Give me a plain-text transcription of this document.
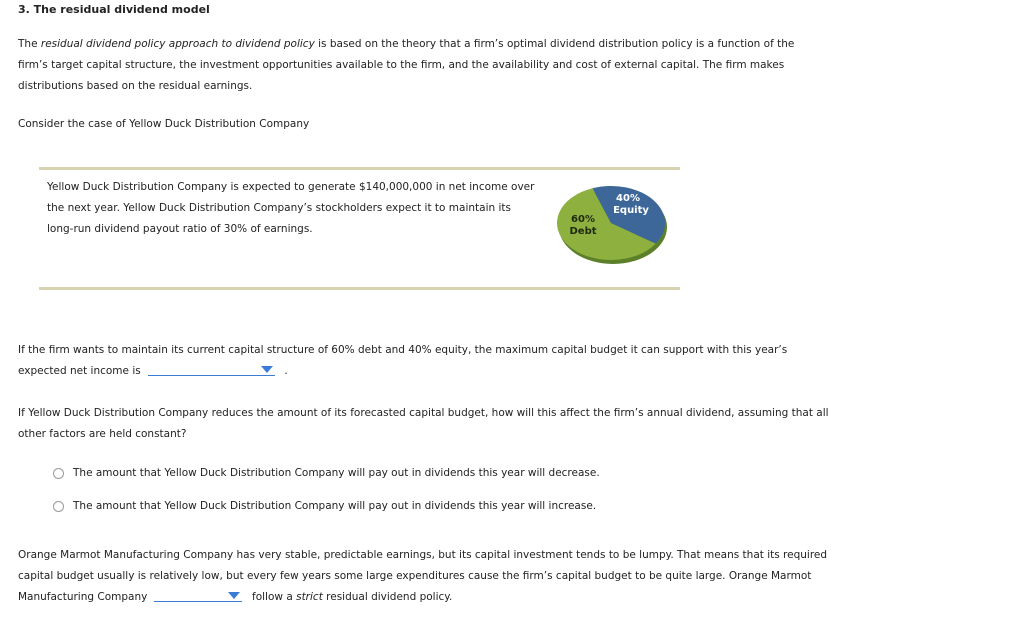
3. The residual dividend model
The residual dividend policy approach to dividend policy is based on the theory that a firm’s optimal dividend distribution policy is a function of the firm’s target capital structure, the investment opportunities available to the firm, and the availability and cost of external capital. The firm makes distributions based on the residual earnings.
Consider the case of Yellow Duck Distribution Company
Yellow Duck Distribution Company is expected to generate $140,000,000 in net income over the next year. Yellow Duck Distribution Company’s stockholders expect it to maintain its long-run dividend payout ratio of 30% of earnings.
40%
Equity
60%
Debt
If the firm wants to maintain its current capital structure of 60% debt and 40% equity, the maximum capital budget it can support with this year’s expected net income is	.
If Yellow Duck Distribution Company reduces the amount of its forecasted capital budget, how will this affect the firm’s annual dividend, assuming that all other factors are held constant?
The amount that Yellow Duck Distribution Company will pay out in dividends this year will decrease.
The amount that Yellow Duck Distribution Company will pay out in dividends this year will increase.
Orange Marmot Manufacturing Company has very stable, predictable earnings, but its capital investment tends to be lumpy. That means that its required capital budget usually is relatively low, but every few years some large expenditures cause the firm’s capital budget to be quite large. Orange Marmot Manufacturing Company	follow a strict residual dividend policy.
